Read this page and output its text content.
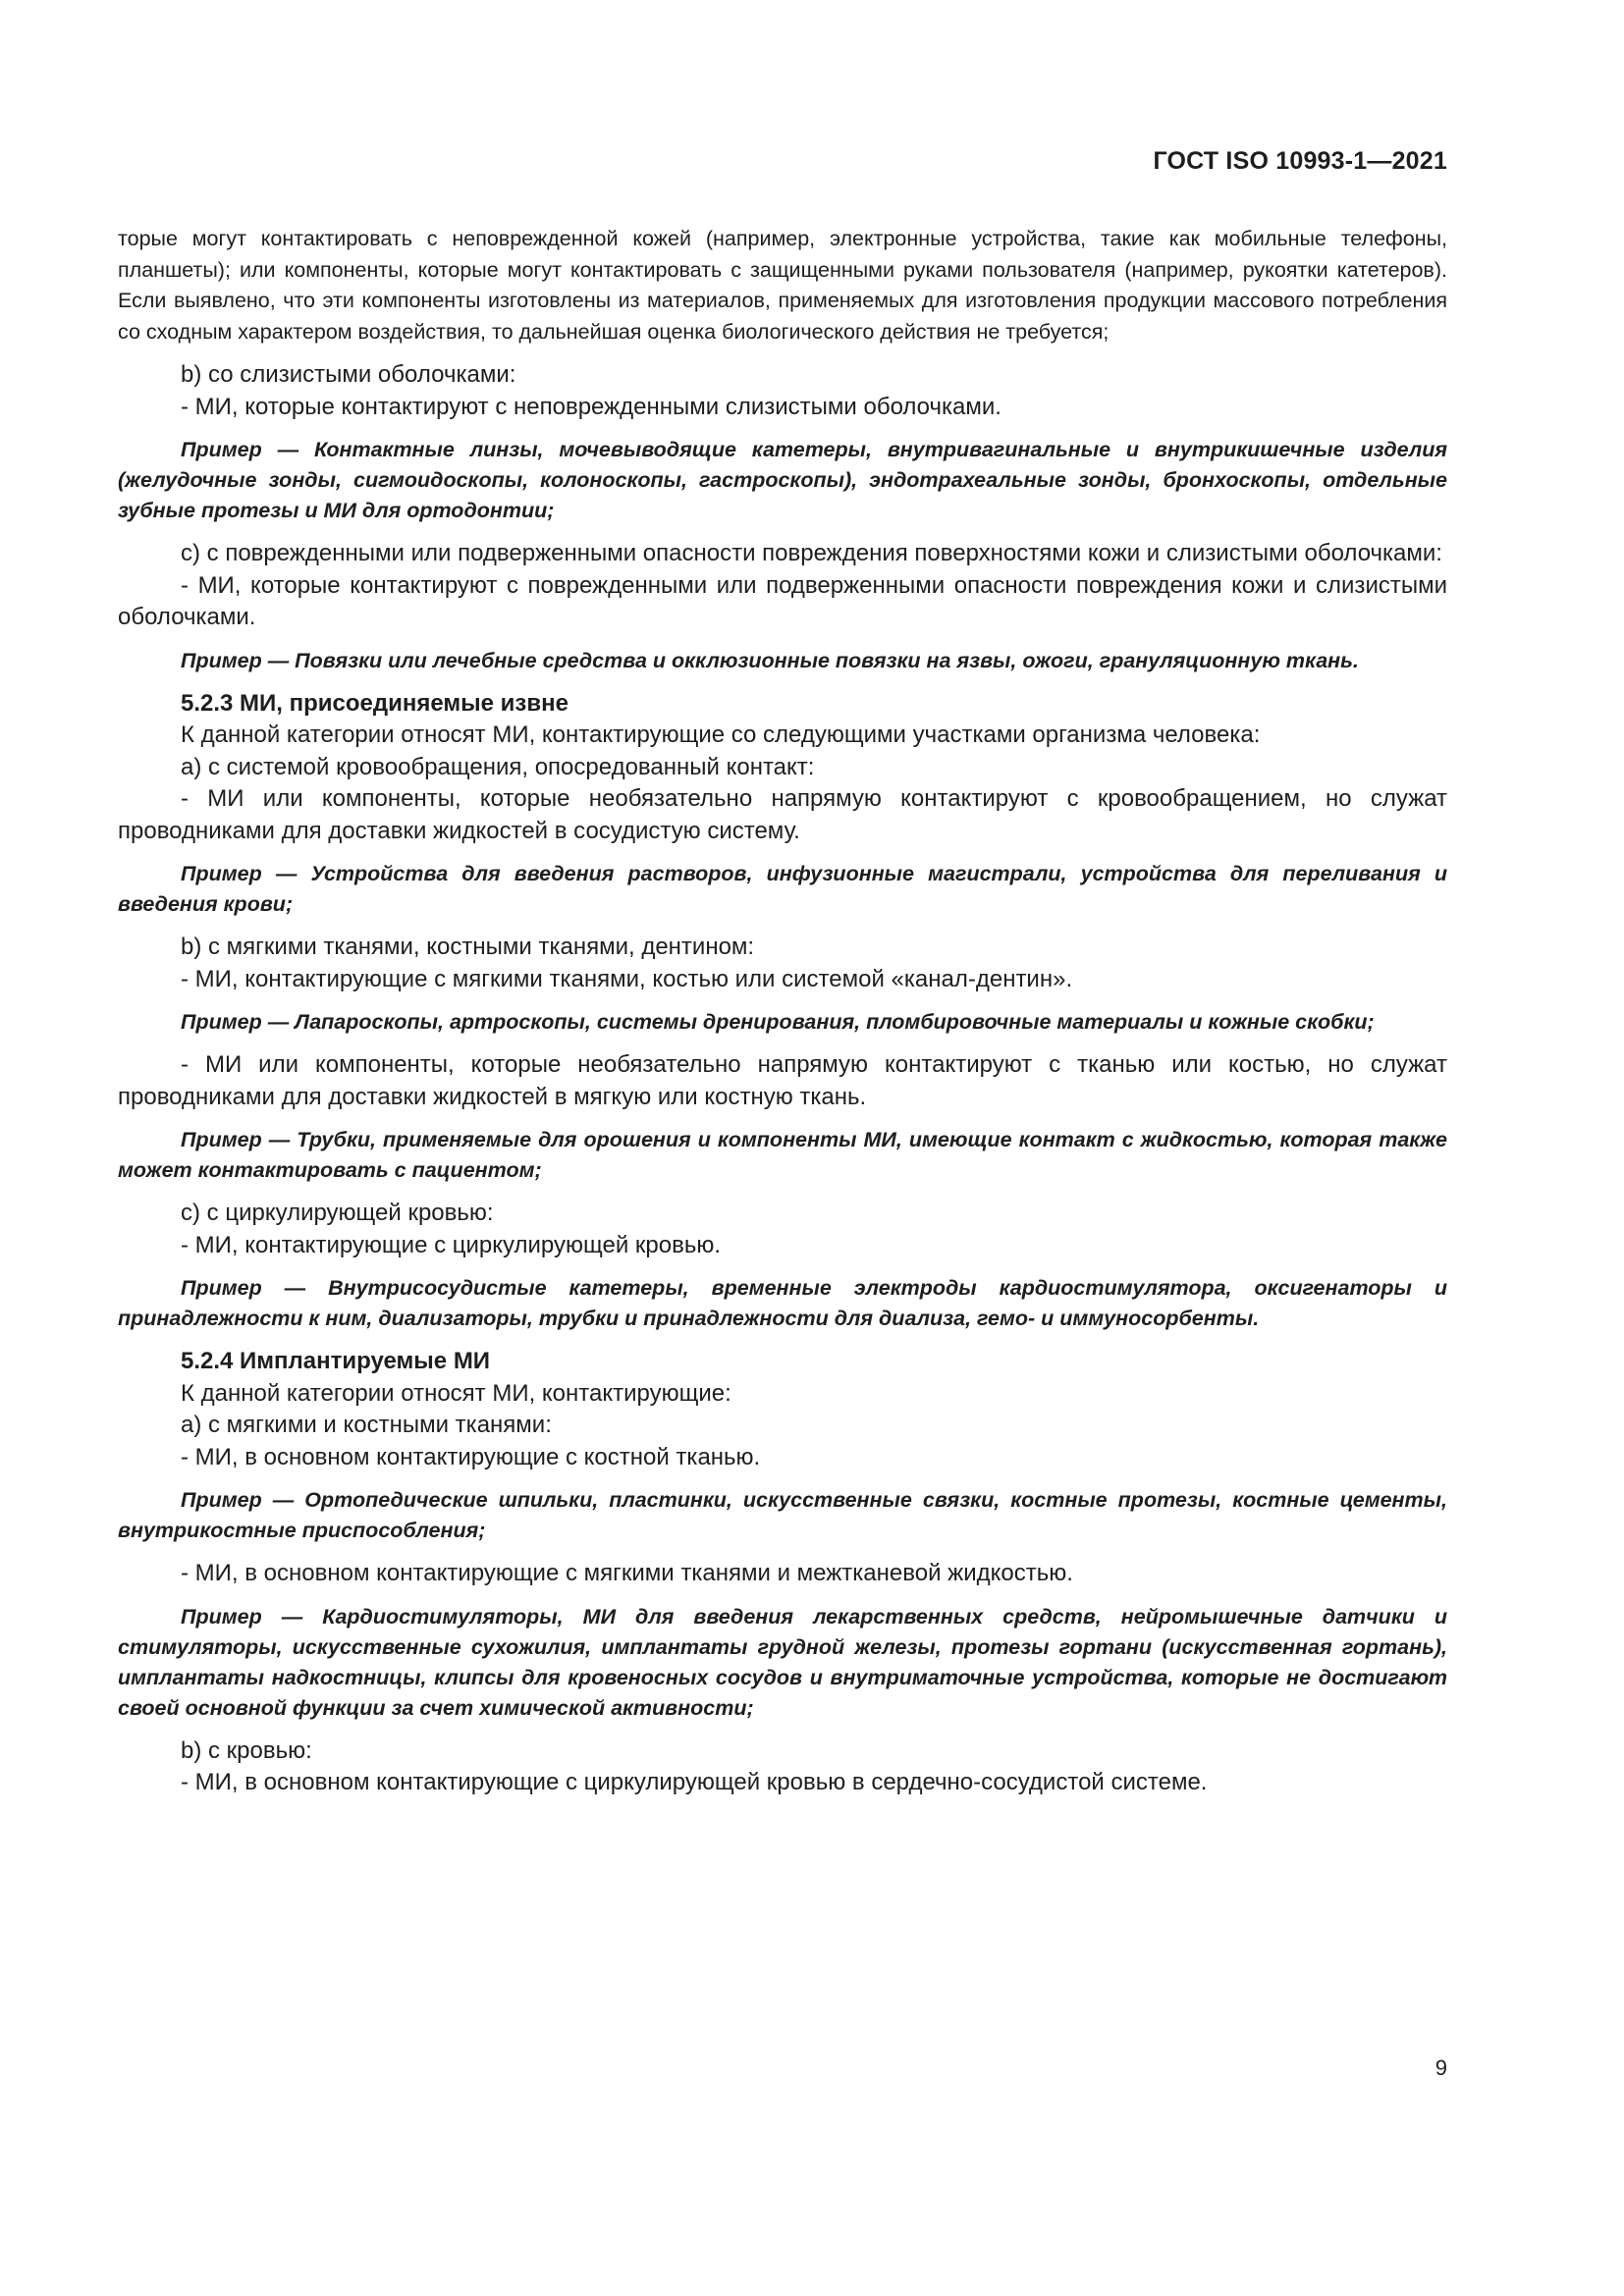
ГОСТ ISO 10993-1—2021

торые могут контактировать с неповрежденной кожей (например, электронные устройства, такие как мобильные телефоны, планшеты); или компоненты, которые могут контактировать с защищенными руками пользователя (например, рукоятки катетеров). Если выявлено, что эти компоненты изготовлены из материалов, применяемых для изготовления продукции массового потребления со сходным характером воздействия, то дальнейшая оценка биологического действия не требуется;

b) со слизистыми оболочками:

- МИ, которые контактируют с неповрежденными слизистыми оболочками.

Пример — Контактные линзы, мочевыводящие катетеры, внутривагинальные и внутрикишечные изделия (желудочные зонды, сигмоидоскопы, колоноскопы, гастроскопы), эндотрахеальные зонды, бронхоскопы, отдельные зубные протезы и МИ для ортодонтии;

c) с поврежденными или подверженными опасности повреждения поверхностями кожи и слизистыми оболочками:

- МИ, которые контактируют с поврежденными или подверженными опасности повреждения кожи и слизистыми оболочками.

Пример — Повязки или лечебные средства и окклюзионные повязки на язвы, ожоги, грануляционную ткань.

5.2.3 МИ, присоединяемые извне

К данной категории относят МИ, контактирующие со следующими участками организма человека:

a) с системой кровообращения, опосредованный контакт:

- МИ или компоненты, которые необязательно напрямую контактируют с кровообращением, но служат проводниками для доставки жидкостей в сосудистую систему.

Пример — Устройства для введения растворов, инфузионные магистрали, устройства для переливания и введения крови;

b) с мягкими тканями, костными тканями, дентином:

- МИ, контактирующие с мягкими тканями, костью или системой «канал-дентин».

Пример — Лапароскопы, артроскопы, системы дренирования, пломбировочные материалы и кожные скобки;

- МИ или компоненты, которые необязательно напрямую контактируют с тканью или костью, но служат проводниками для доставки жидкостей в мягкую или костную ткань.

Пример — Трубки, применяемые для орошения и компоненты МИ, имеющие контакт с жидкостью, которая также может контактировать с пациентом;

c) с циркулирующей кровью:

- МИ, контактирующие с циркулирующей кровью.

Пример — Внутрисосудистые катетеры, временные электроды кардиостимулятора, оксигенаторы и принадлежности к ним, диализаторы, трубки и принадлежности для диализа, гемо- и иммуносорбенты.

5.2.4 Имплантируемые МИ

К данной категории относят МИ, контактирующие:

a) с мягкими и костными тканями:

- МИ, в основном контактирующие с костной тканью.

Пример — Ортопедические шпильки, пластинки, искусственные связки, костные протезы, костные цементы, внутрикостные приспособления;

- МИ, в основном контактирующие с мягкими тканями и межтканевой жидкостью.

Пример — Кардиостимуляторы, МИ для введения лекарственных средств, нейромышечные датчики и стимуляторы, искусственные сухожилия, имплантаты грудной железы, протезы гортани (искусственная гортань), имплантаты надкостницы, клипсы для кровеносных сосудов и внутриматочные устройства, которые не достигают своей основной функции за счет химической активности;

b) с кровью:

- МИ, в основном контактирующие с циркулирующей кровью в сердечно-сосудистой системе.

9
